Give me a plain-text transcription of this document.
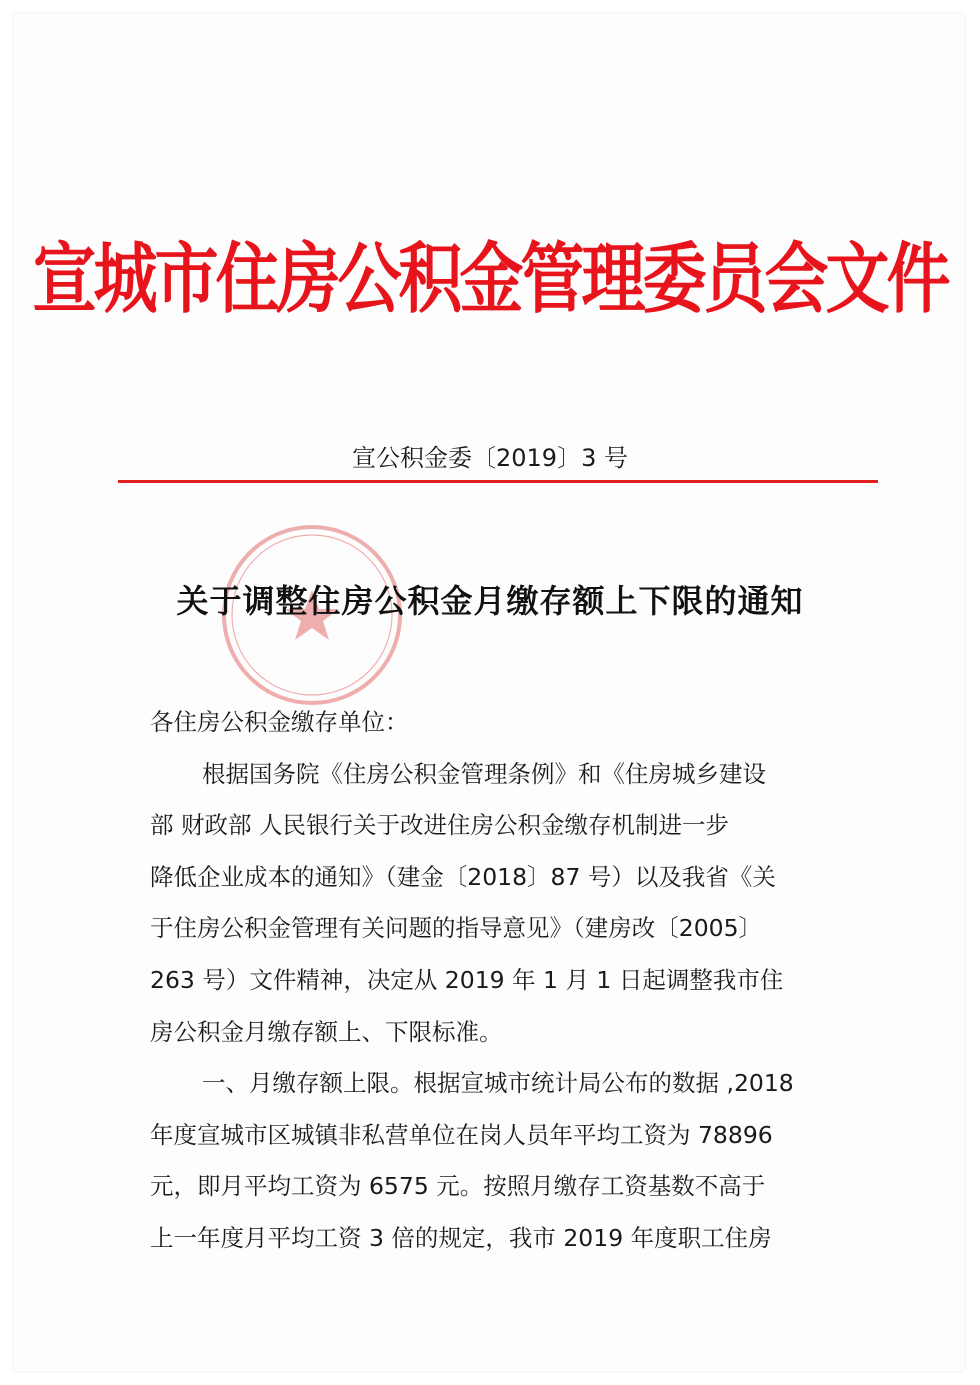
宣城市住房公积金管理委员会文件
宣公积金委〔2019〕3 号
关于调整住房公积金月缴存额上下限的通知

各住房公积金缴存单位：

根据国务院《住房公积金管理条例》和《住房城乡建设

部 财政部 人民银行关于改进住房公积金缴存机制进一步

降低企业成本的通知》（建金〔2018〕87 号）以及我省《关

于住房公积金管理有关问题的指导意见》（建房改〔2005〕

263 号）文件精神，决定从 2019 年 1 月 1 日起调整我市住

房公积金月缴存额上、下限标准。

一、月缴存额上限。根据宣城市统计局公布的数据 ,2018

年度宣城市区城镇非私营单位在岗人员年平均工资为 78896

元，即月平均工资为 6575 元。按照月缴存工资基数不高于

上一年度月平均工资 3 倍的规定，我市 2019 年度职工住房
